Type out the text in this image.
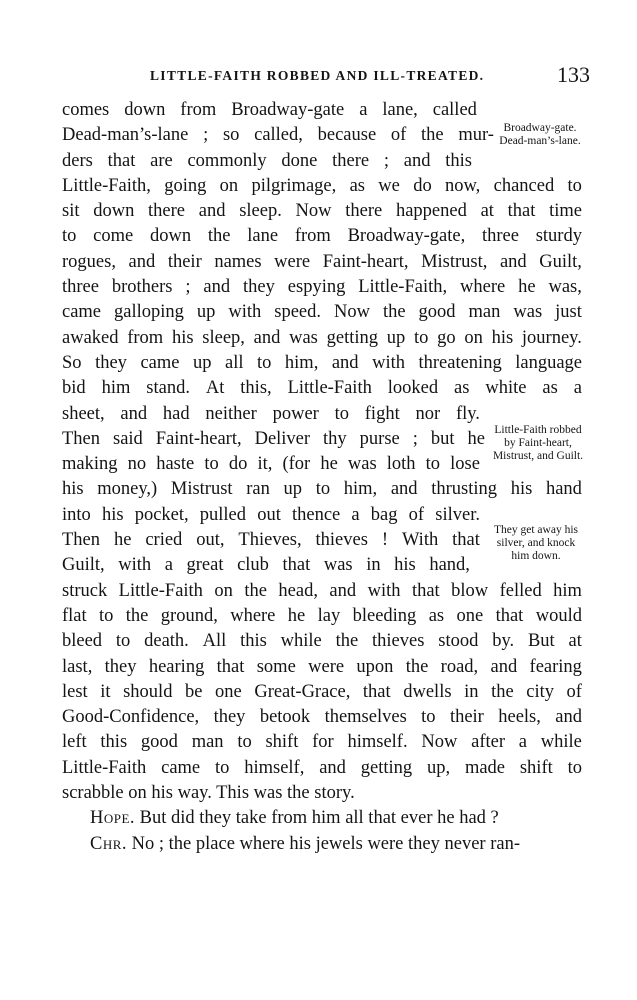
LITTLE-FAITH ROBBED AND ILL-TREATED.	133
comes down from Broadway-gate a lane, called
Dead-man’s-lane ; so called, because of the mur-
ders that are commonly done there ; and this
Little-Faith, going on pilgrimage, as we do now, chanced to
sit down there and sleep. Now there happened at that time
to come down the lane from Broadway-gate, three sturdy
rogues, and their names were Faint-heart, Mistrust, and Guilt,
three brothers ; and they espying Little-Faith, where he was,
came galloping up with speed. Now the good man was just
awaked from his sleep, and was getting up to go on his journey.
So they came up all to him, and with threatening language
bid him stand. At this, Little-Faith looked as white as a
sheet, and had neither power to fight nor fly.
Then said Faint-heart, Deliver thy purse ; but he
making no haste to do it, (for he was loth to lose
his money,) Mistrust ran up to him, and thrusting his hand
into his pocket, pulled out thence a bag of silver.
Then he cried out, Thieves, thieves ! With that
Guilt, with a great club that was in his hand,
struck Little-Faith on the head, and with that blow felled him
flat to the ground, where he lay bleeding as one that would
bleed to death. All this while the thieves stood by. But at
last, they hearing that some were upon the road, and fearing
lest it should be one Great-Grace, that dwells in the city of
Good-Confidence, they betook themselves to their heels, and
left this good man to shift for himself. Now after a while
Little-Faith came to himself, and getting up, made shift to
scrabble on his way. This was the story.
Hope. But did they take from him all that ever he had ?
Chr. No ; the place where his jewels were they never ran-
Broadway-gate. Dead-man’s-lane.
Little-Faith robbed by Faint-heart, Mistrust, and Guilt.
They get away his silver, and knock him down.
